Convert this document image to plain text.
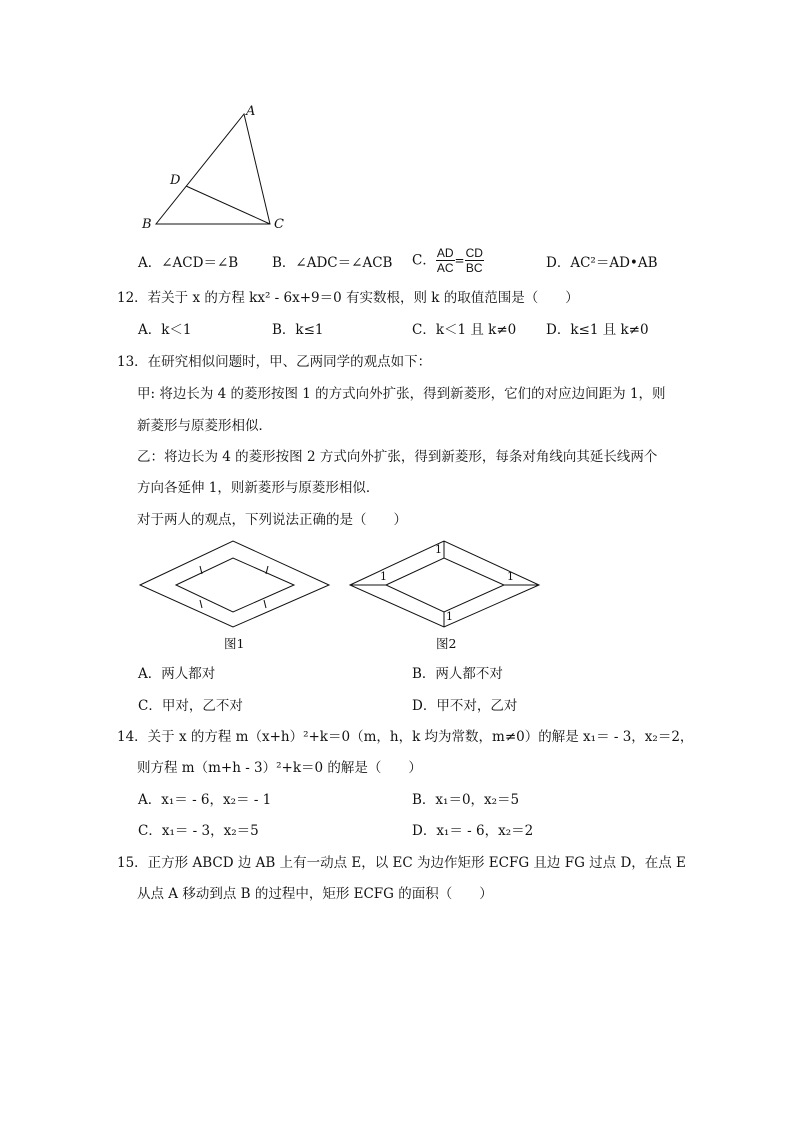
A
D
B	C
A．∠ACD＝∠B	B．∠ADC＝∠ACB C． $\frac{AD}{AC} = \frac{CD}{BC}$	D．AC²＝AD•AB
12．若关于 x 的方程 kx² - 6x+9＝0 有实数根，则 k 的取值范围是（　　）
A．k＜1	B．k≤1	C．k＜1 且 k≠0 D．k≤1 且 k≠0
13．在研究相似问题时，甲、乙两同学的观点如下：
甲: 将边长为 4 的菱形按图 1 的方式向外扩张，得到新菱形，它们的对应边间距为 1，则
新菱形与原菱形相似．
乙：将边长为 4 的菱形按图 2 方式向外扩张，得到新菱形，每条对角线向其延长线两个
方向各延伸 1，则新菱形与原菱形相似．
对于两人的观点，下列说法正确的是（　　）
图1
1
1	1
1
图2
A．两人都对	B．两人都不对
C．甲对，乙不对	D．甲不对，乙对
14．关于 x 的方程 m（x+h）²+k＝0（m，h，k 均为常数，m≠0）的解是 x₁＝ - 3，x₂＝2，
则方程 m（m+h - 3）²+k＝0 的解是（　　）
A．x₁＝ - 6，x₂＝ - 1	B．x₁＝0，x₂＝5
C．x₁＝ - 3，x₂＝5	D．x₁＝ - 6，x₂＝2
15．正方形 ABCD 边 AB 上有一动点 E，以 EC 为边作矩形 ECFG 且边 FG 过点 D，在点 E
从点 A 移动到点 B 的过程中，矩形 ECFG 的面积（　　）
